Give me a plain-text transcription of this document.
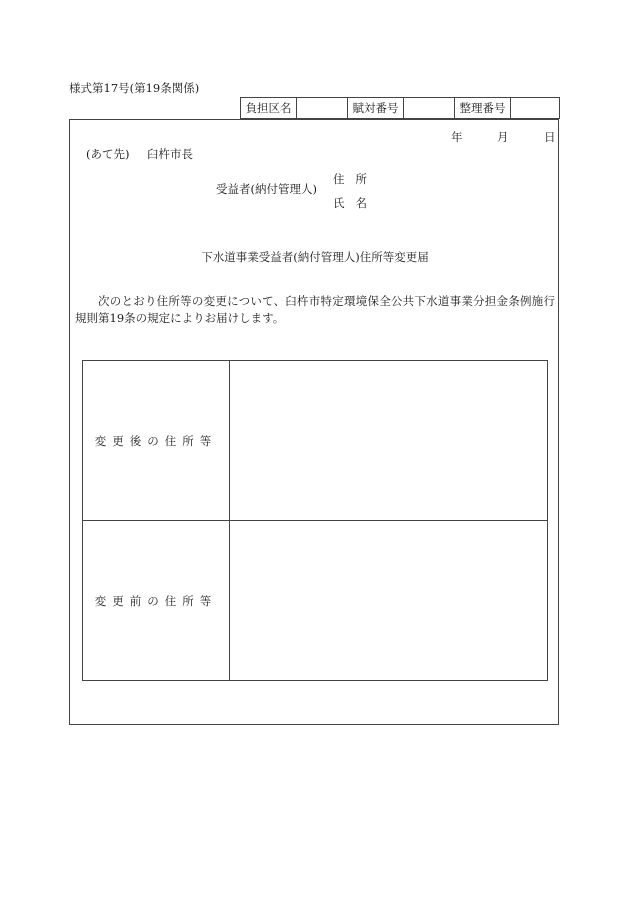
様式第17号(第19条関係)
負担区名		賦対番号		整理番号	
年	月	日
(あて先) 臼杵市長
受益者(納付管理人)
住所
氏名
下水道事業受益者(納付管理人)住所等変更届
次のとおり住所等の変更について、臼杵市特定環境保全公共下水道事業分担金条例施行規則第19条の規定によりお届けします。
変更後の住所等	
変更前の住所等	
